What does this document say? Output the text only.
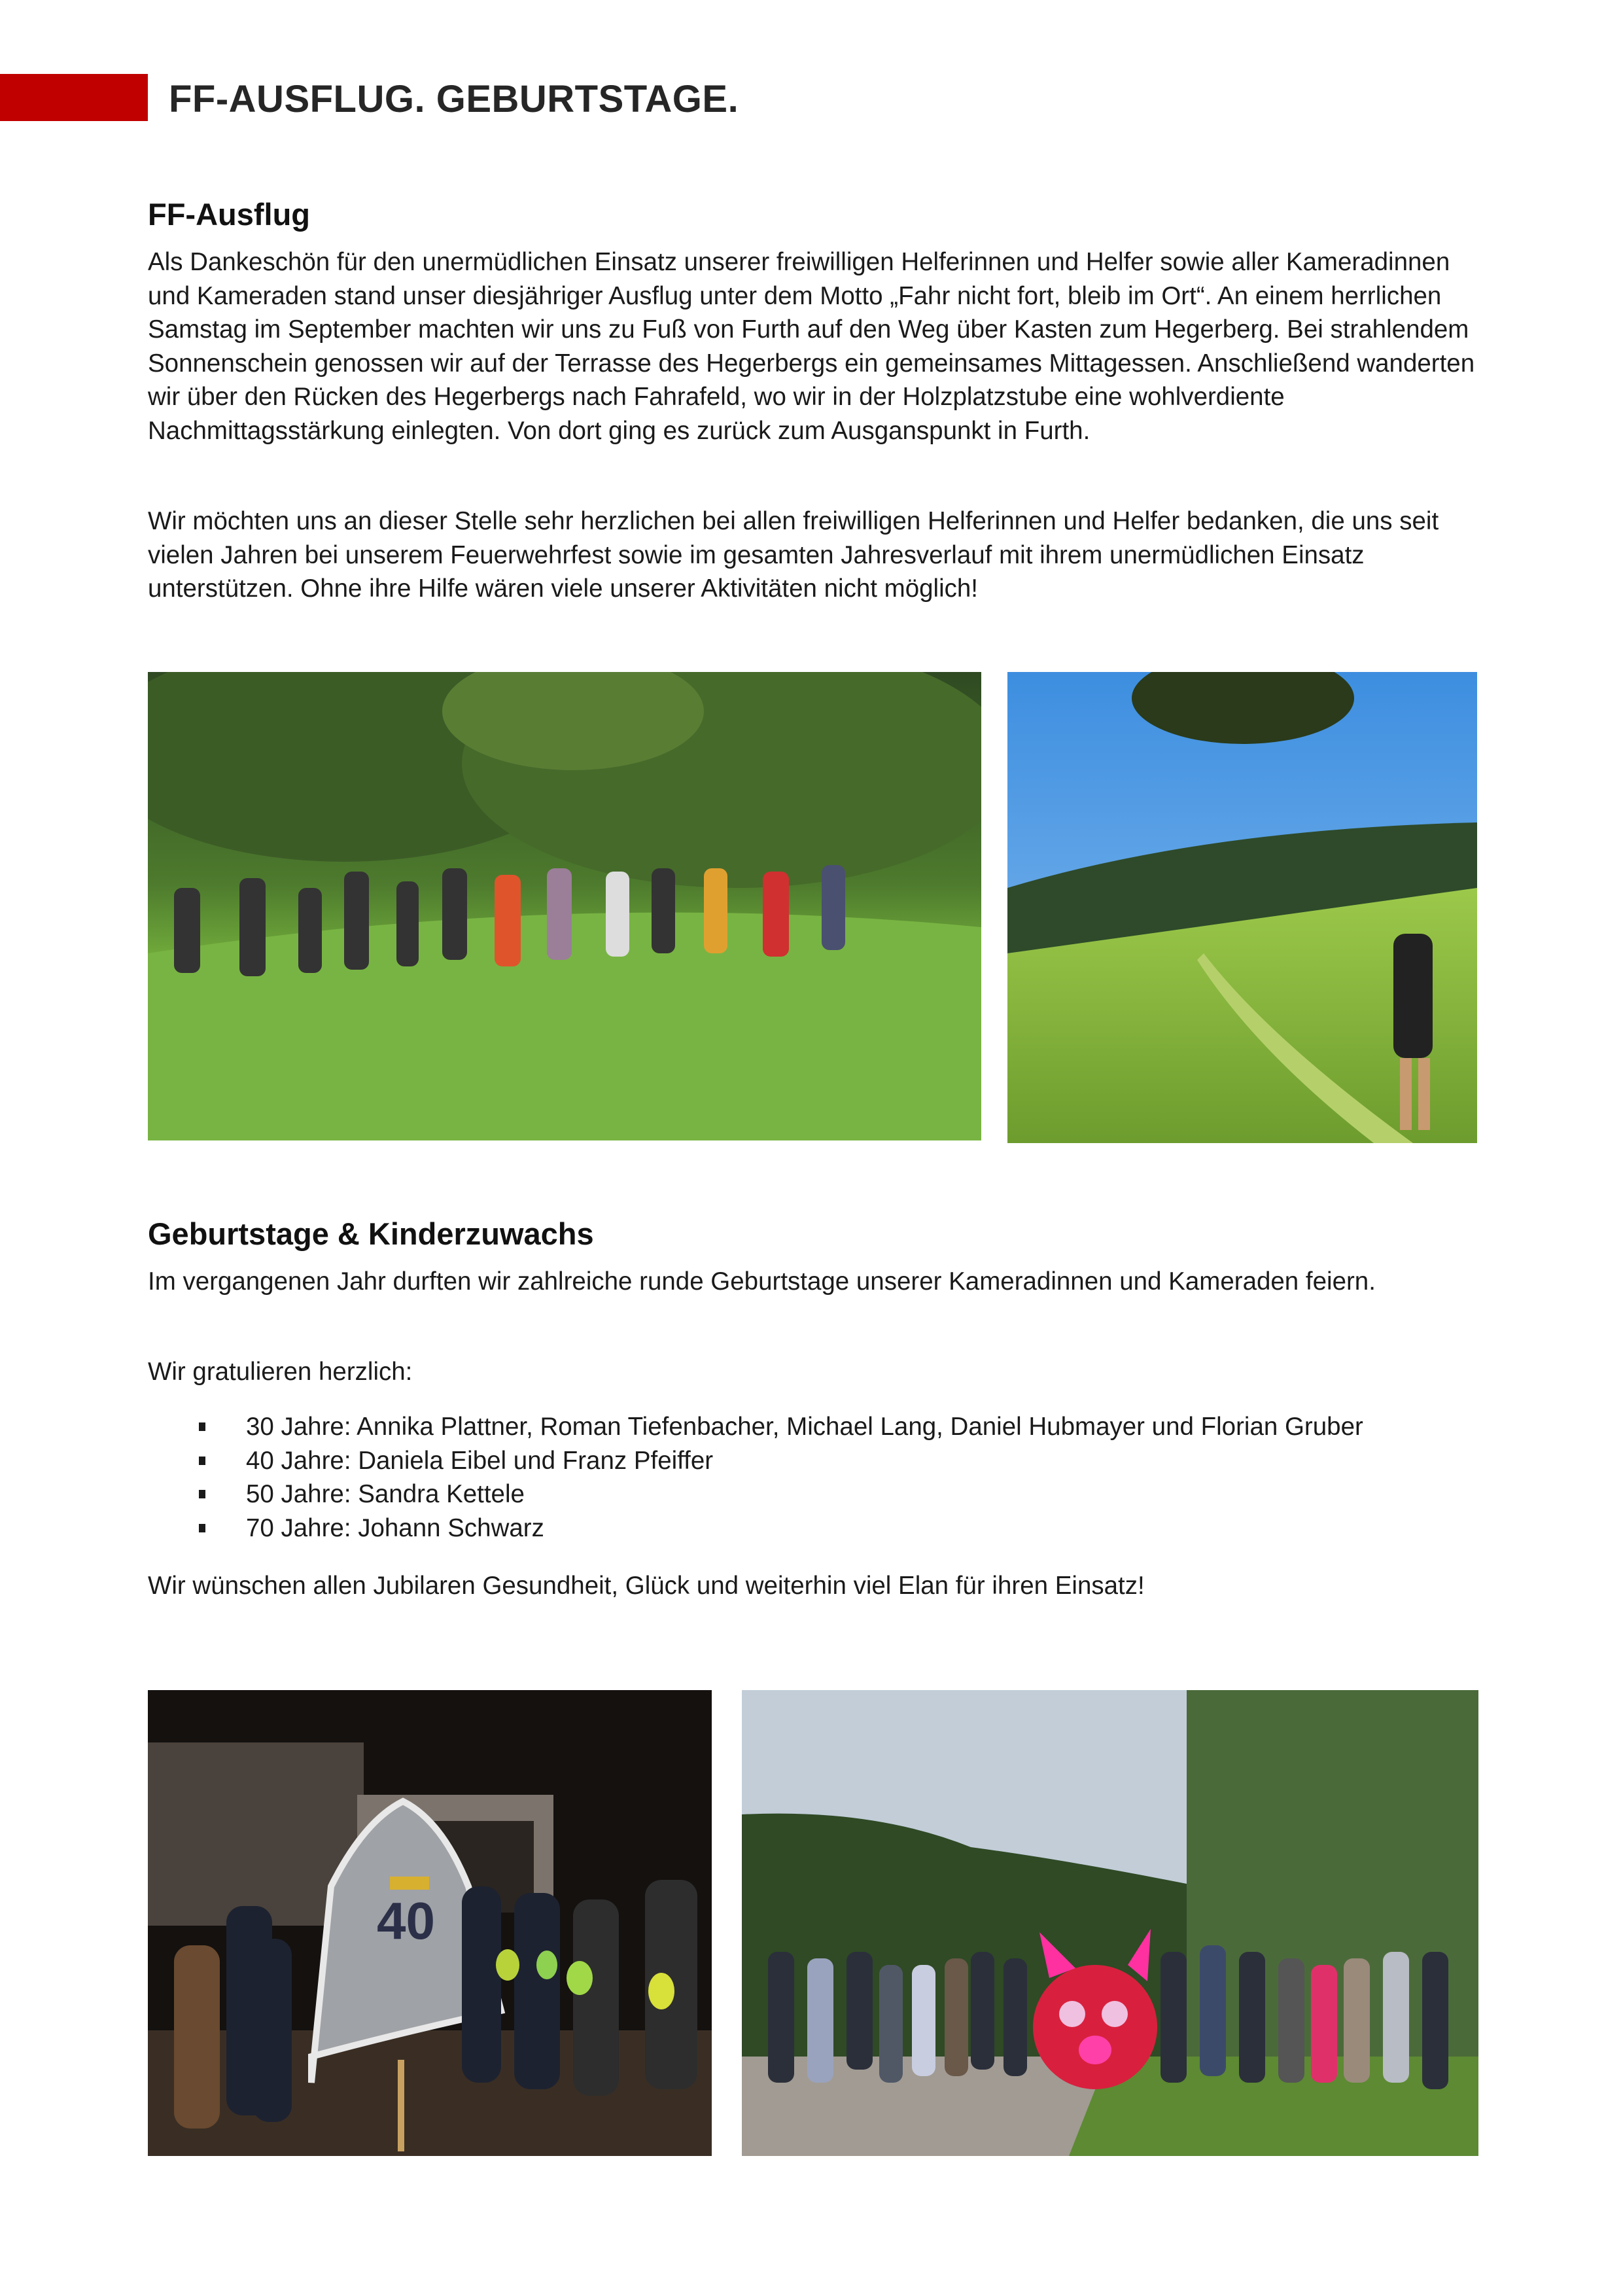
FF-AUSFLUG. GEBURTSTAGE.
FF-Ausflug

Als Dankeschön für den unermüdlichen Einsatz unserer freiwilligen Helferinnen und Helfer sowie aller Kameradinnen und Kameraden stand unser diesjähriger Ausflug unter dem Motto „Fahr nicht fort, bleib im Ort“. An einem herrlichen Samstag im September machten wir uns zu Fuß von Furth auf den Weg über Kasten zum Hegerberg. Bei strahlendem Sonnenschein genossen wir auf der Terrasse des Hegerbergs ein gemeinsames Mittagessen. Anschließend wanderten wir über den Rücken des Hegerbergs nach Fahrafeld, wo wir in der Holzplatzstube eine wohlverdiente Nachmittagsstärkung einlegten. Von dort ging es zurück zum Ausganspunkt in Furth.

Wir möchten uns an dieser Stelle sehr herzlichen bei allen freiwilligen Helferinnen und Helfer bedanken, die uns seit vielen Jahren bei unserem Feuerwehrfest sowie im gesamten Jahresverlauf mit ihrem unermüdlichen Einsatz unterstützen. Ohne ihre Hilfe wären viele unserer Aktivitäten nicht möglich!

Geburtstage & Kinderzuwachs

Im vergangenen Jahr durften wir zahlreiche runde Geburtstage unserer Kameradinnen und Kameraden feiern.

Wir gratulieren herzlich:

30 Jahre: Annika Plattner, Roman Tiefenbacher, Michael Lang, Daniel Hubmayer und Florian Gruber
40 Jahre: Daniela Eibel und Franz Pfeiffer
50 Jahre: Sandra Kettele
70 Jahre: Johann Schwarz

Wir wünschen allen Jubilaren Gesundheit, Glück und weiterhin viel Elan für ihren Einsatz!

40
